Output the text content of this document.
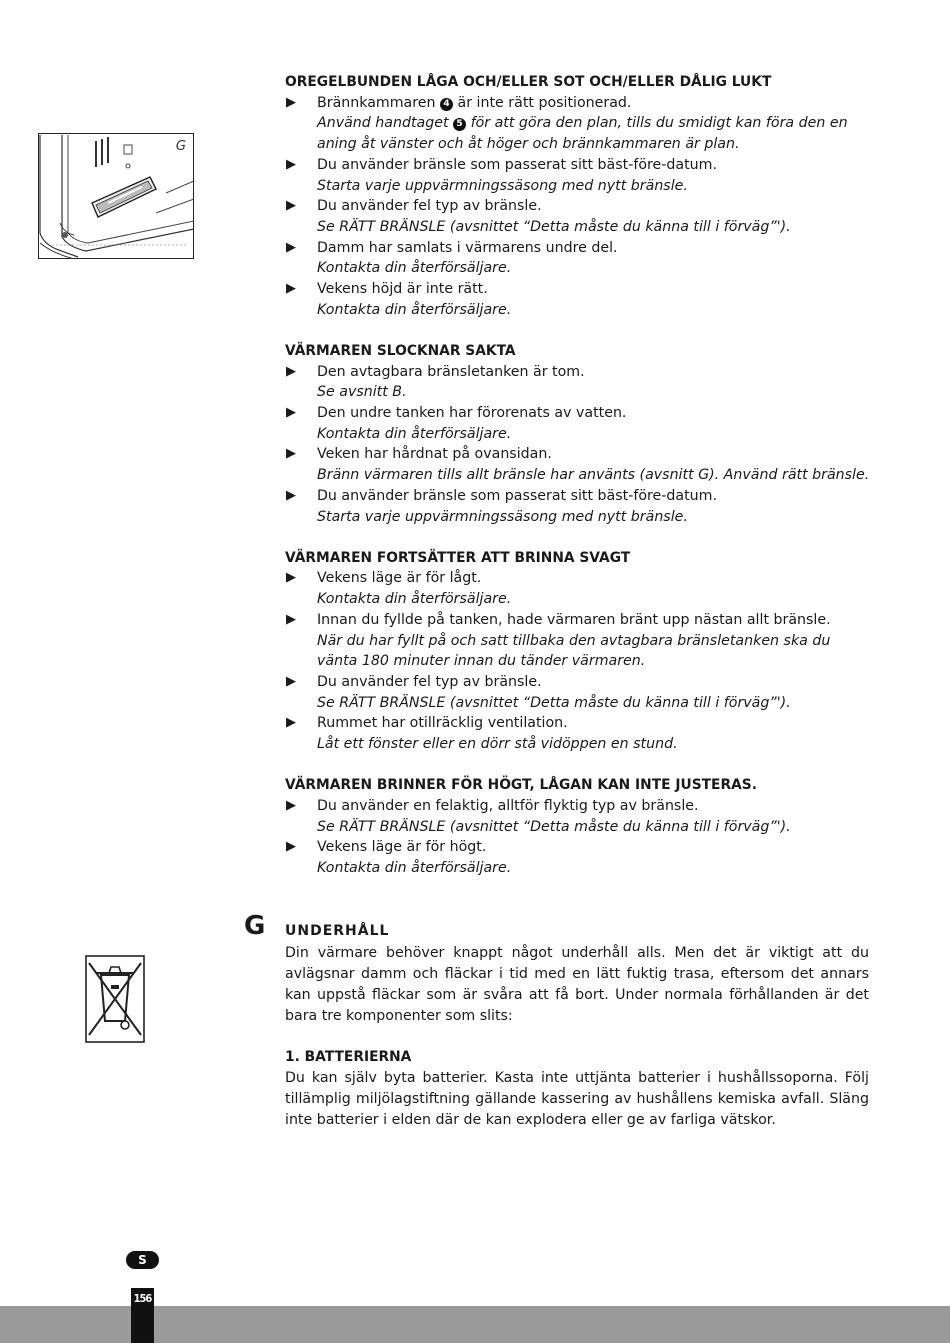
G
OREGELBUNDEN LÅGA OCH/ELLER SOT OCH/ELLER DÅLIG LUKT
▶ Brännkammaren 4 är inte rätt positionerad.
Använd handtaget 5 för att göra den plan, tills du smidigt kan föra den en aning åt vänster och åt höger och brännkammaren är plan.
▶ Du använder bränsle som passerat sitt bäst-före-datum.
Starta varje uppvärmningssäsong med nytt bränsle.
▶ Du använder fel typ av bränsle.
Se RÄTT BRÄNSLE (avsnittet “Detta måste du känna till i förväg”').
▶ Damm har samlats i värmarens undre del.
Kontakta din återförsäljare.
▶ Vekens höjd är inte rätt.
Kontakta din återförsäljare.
VÄRMAREN SLOCKNAR SAKTA
▶ Den avtagbara bränsletanken är tom.
Se avsnitt B.
▶ Den undre tanken har förorenats av vatten.
Kontakta din återförsäljare.
▶ Veken har hårdnat på ovansidan.
Bränn värmaren tills allt bränsle har använts (avsnitt G). Använd rätt bränsle.
▶ Du använder bränsle som passerat sitt bäst-före-datum.
Starta varje uppvärmningssäsong med nytt bränsle.
VÄRMAREN FORTSÄTTER ATT BRINNA SVAGT
▶ Vekens läge är för lågt.
Kontakta din återförsäljare.
▶ Innan du fyllde på tanken, hade värmaren bränt upp nästan allt bränsle.
När du har fyllt på och satt tillbaka den avtagbara bränsletanken ska du vänta 180 minuter innan du tänder värmaren.
▶ Du använder fel typ av bränsle.
Se RÄTT BRÄNSLE (avsnittet “Detta måste du känna till i förväg”').
▶ Rummet har otillräcklig ventilation.
Låt ett fönster eller en dörr stå vidöppen en stund.
VÄRMAREN BRINNER FÖR HÖGT, LÅGAN KAN INTE JUSTERAS.
▶ Du använder en felaktig, alltför flyktig typ av bränsle.
Se RÄTT BRÄNSLE (avsnittet “Detta måste du känna till i förväg”').
▶ Vekens läge är för högt.
Kontakta din återförsäljare.
G UNDERHÅLL
Din värmare behöver knappt något underhåll alls. Men det är viktigt att du avlägsnar damm och fläckar i tid med en lätt fuktig trasa, eftersom det annars kan uppstå fläckar som är svåra att få bort. Under normala förhållanden är det bara tre komponenter som slits:
1. BATTERIERNA
Du kan själv byta batterier. Kasta inte uttjänta batterier i hushållssoporna. Följ tillämplig miljölagstiftning gällande kassering av hushållens kemiska avfall. Släng inte batterier i elden där de kan explodera eller ge av farliga vätskor.
S
156
